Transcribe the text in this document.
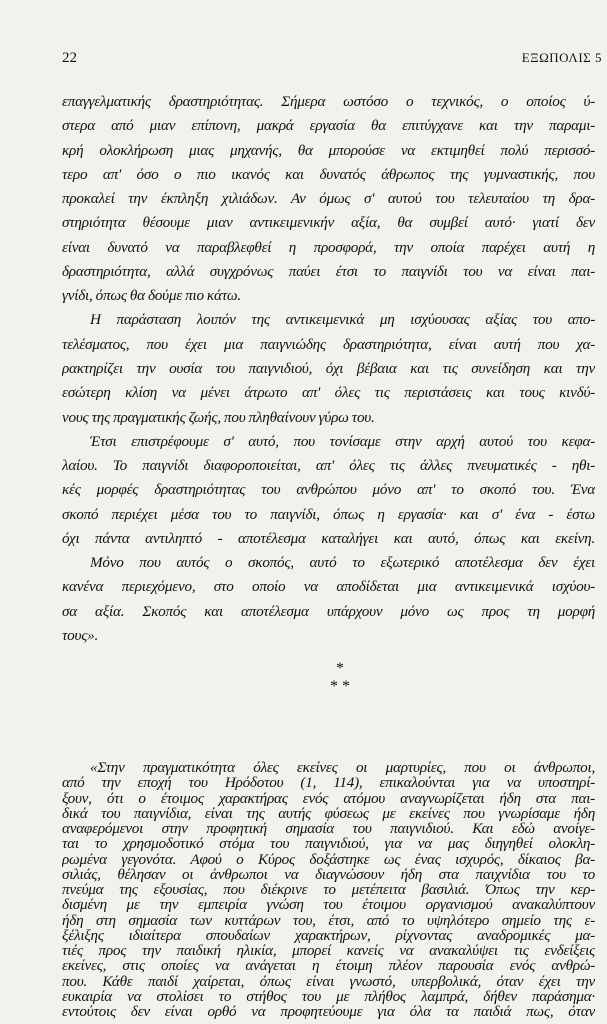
22	ΕΞΩΠΟΛΙΣ 5

επαγγελματικής δραστηριότητας. Σήμερα ωστόσο ο τεχνικός, ο οποίος ύ-

στερα από μιαν επίπονη, μακρά εργασία θα επιτύγχανε και την παραμι-

κρή ολοκλήρωση μιας μηχανής, θα μπορούσε να εκτιμηθεί πολύ περισσό-

τερο απ' όσο ο πιο ικανός και δυνατός άθρωπος της γυμναστικής, που

προκαλεί την έκπληξη χιλιάδων. Αν όμως σ' αυτού του τελευταίου τη δρα-

στηριότητα θέσουμε μιαν αντικειμενικήν αξία, θα συμβεί αυτό· γιατί δεν

είναι δυνατό να παραβλεφθεί η προσφορά, την οποία παρέχει αυτή η

δραστηριότητα, αλλά συγχρόνως παύει έτσι το παιγνίδι του να είναι παι-

γνίδι, όπως θα δούμε πιο κάτω.

Η παράσταση λοιπόν της αντικειμενικά μη ισχύουσας αξίας του απο-

τελέσματος, που έχει μια παιγνιώδης δραστηριότητα, είναι αυτή που χα-

ρακτηρίζει την ουσία του παιγνιδιού, όχι βέβαια και τις συνείδηση και την

εσώτερη κλίση να μένει άτρωτο απ' όλες τις περιστάσεις και τους κινδύ-

νους της πραγματικής ζωής, που πληθαίνουν γύρω του.

Έτσι επιστρέφουμε σ' αυτό, που τονίσαμε στην αρχή αυτού του κεφα-

λαίου. Το παιγνίδι διαφοροποιείται, απ' όλες τις άλλες πνευματικές - ηθι-

κές μορφές δραστηριότητας του ανθρώπου μόνο απ' το σκοπό του. Ένα

σκοπό περιέχει μέσα του το παιγνίδι, όπως η εργασία· και σ' ένα - έστω

όχι πάντα αντιληπτό - αποτέλεσμα καταλήγει και αυτό, όπως και εκείνη.

Μόνο που αυτός ο σκοπός, αυτό το εξωτερικό αποτέλεσμα δεν έχει

κανένα περιεχόμενο, στο οποίο να αποδίδεται μια αντικειμενικά ισχύου-

σα αξία. Σκοπός και αποτέλεσμα υπάρχουν μόνο ως προς τη μορφή

τους».

*
* *

«Στην πραγματικότητα όλες εκείνες οι μαρτυρίες, που οι άνθρωποι,

από την εποχή του Ηρόδοτου (1, 114), επικαλούνται για να υποστηρί-

ξουν, ότι ο έτοιμος χαρακτήρας ενός ατόμου αναγνωρίζεται ήδη στα παι-

δικά του παιγνίδια, είναι της αυτής φύσεως με εκείνες που γνωρίσαμε ήδη

αναφερόμενοι στην προφητική σημασία του παιγνιδιού. Και εδώ ανοίγε-

ται το χρησμοδοτικό στόμα του παιγνιδιού, για να μας διηγηθεί ολοκλη-

ρωμένα γεγονότα. Αφού ο Κύρος δοξάστηκε ως ένας ισχυρός, δίκαιος βα-

σιλιάς, θέλησαν οι άνθρωποι να διαγνώσουν ήδη στα παιχνίδια του το

πνεύμα της εξουσίας, που διέκρινε το μετέπειτα βασιλιά. Όπως την κερ-

δισμένη με την εμπειρία γνώση του έτοιμου οργανισμού ανακαλύπτουν

ήδη στη σημασία των κυττάρων του, έτσι, από το υψηλότερο σημείο της ε-

ξέλιξης ιδιαίτερα σπουδαίων χαρακτήρων, ρίχνοντας αναδρομικές μα-

τιές προς την παιδική ηλικία, μπορεί κανείς να ανακαλύψει τις ενδείξεις

εκείνες, στις οποίες να ανάγεται η έτοιμη πλέον παρουσία ενός ανθρώ-

που. Κάθε παιδί χαίρεται, όπως είναι γνωστό, υπερβολικά, όταν έχει την

ευκαιρία να στολίσει το στήθος του με πλήθος λαμπρά, δήθεν παράσημα·

εντούτοις δεν είναι ορθό να προφητεύουμε για όλα τα παιδιά πως, όταν
